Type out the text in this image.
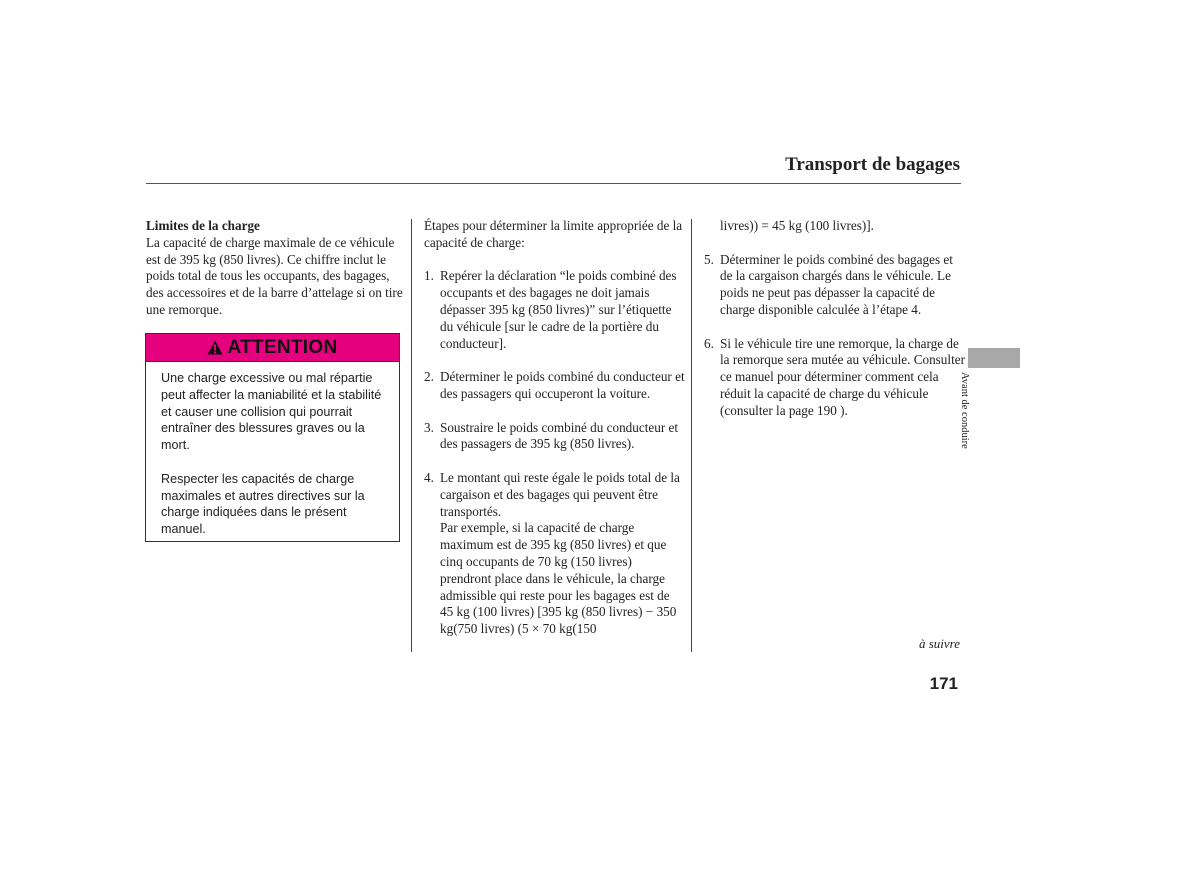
Transport de bagages

Limites de la charge

La capacité de charge maximale de ce véhicule est de 395 kg (850 livres). Ce chiffre inclut le poids total de tous les occupants, des bagages, des accessoires et de la barre d’attelage si on tire une remorque.

ATTENTION

Une charge excessive ou mal répartie peut affecter la maniabilité et la stabilité et causer une collision qui pourrait entraîner des blessures graves ou la mort.

Respecter les capacités de charge maximales et autres directives sur la charge indiquées dans le présent manuel.

Étapes pour déterminer la limite appropriée de la capacité de charge:

1. Repérer la déclaration “le poids combiné des occupants et des bagages ne doit jamais dépasser 395 kg (850 livres)” sur l’étiquette du véhicule [sur le cadre de la portière du conducteur].
2. Déterminer le poids combiné du conducteur et des passagers qui occuperont la voiture.
3. Soustraire le poids combiné du conducteur et des passagers de 395 kg (850 livres).
4. Le montant qui reste égale le poids total de la cargaison et des bagages qui peuvent être transportés.
Par exemple, si la capacité de charge maximum est de 395 kg (850 livres) et que cinq occupants de 70 kg (150 livres) prendront place dans le véhicule, la charge admissible qui reste pour les bagages est de 45 kg (100 livres) [395 kg (850 livres) − 350 kg(750 livres) (5 × 70 kg(150

livres)) = 45 kg (100 livres)].

5. Déterminer le poids combiné des bagages et de la cargaison chargés dans le véhicule. Le poids ne peut pas dépasser la capacité de charge disponible calculée à l’étape 4.
6. Si le véhicule tire une remorque, la charge de la remorque sera mutée au véhicule. Consulter ce manuel pour déterminer comment cela réduit la capacité de charge du véhicule (consulter la page 190 ).	Avant de conduire
à suivre
171
